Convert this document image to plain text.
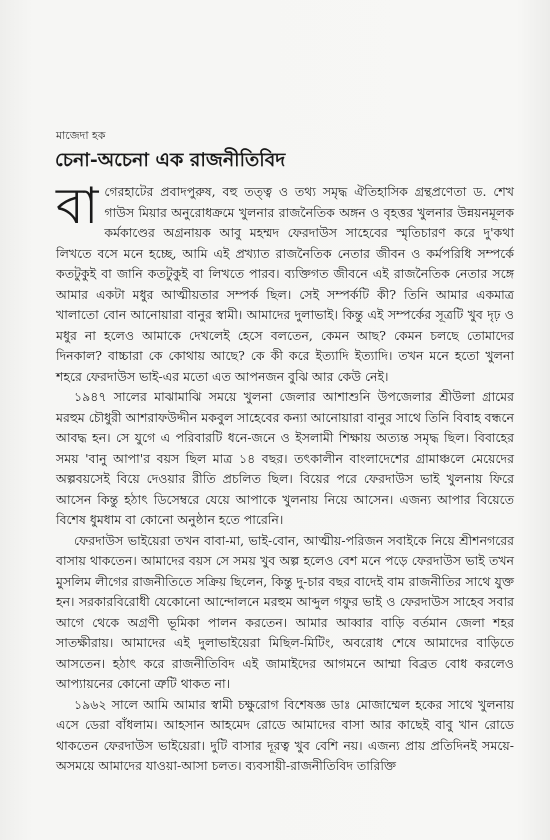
মাজেদা হক
চেনা-অচেনা এক রাজনীতিবিদ

বাগেরহাটের প্রবাদপুরুষ, বহু তত্ত্ব ও তথ্য সমৃদ্ধ ঐতিহাসিক গ্রন্থপ্রণেতা ড. শেখ গাউস মিয়ার অনুরোধক্রমে খুলনার রাজনৈতিক অঙ্গন ও বৃহত্তর খুলনার উন্নয়নমূলক কর্মকাণ্ডের অগ্রনায়ক আবু মহম্মদ ফেরদাউস সাহেবের স্মৃতিচারণ করে দু'কথা লিখতে বসে মনে হচ্ছে, আমি এই প্রখ্যাত রাজনৈতিক নেতার জীবন ও কর্মপরিধি সম্পর্কে কতটুকুই বা জানি কতটুকুই বা লিখতে পারব। ব্যক্তিগত জীবনে এই রাজনৈতিক নেতার সঙ্গে আমার একটা মধুর আত্মীয়তার সম্পর্ক ছিল। সেই সম্পর্কটি কী? তিনি আমার একমাত্র খালাতো বোন আনোয়ারা বানুর স্বামী। আমাদের দুলাভাই। কিন্তু এই সম্পর্কের সূত্রটি খুব দৃঢ় ও মধুর না হলেও আমাকে দেখলেই হেসে বলতেন, কেমন আছ? কেমন চলছে তোমাদের দিনকাল? বাচ্চারা কে কোথায় আছে? কে কী করে ইত্যাদি ইত্যাদি। তখন মনে হতো খুলনা শহরে ফেরদাউস ভাই-এর মতো এত আপনজন বুঝি আর কেউ নেই।

১৯৪৭ সালের মাঝামাঝি সময়ে খুলনা জেলার আশাশুনি উপজেলার শ্রীউলা গ্রামের মরহুম চৌধুরী আশরাফউদ্দীন মকবুল সাহেবের কন্যা আনোয়ারা বানুর সাথে তিনি বিবাহ বন্ধনে আবদ্ধ হন। সে যুগে এ পরিবারটি ধনে-জনে ও ইসলামী শিক্ষায় অত্যন্ত সমৃদ্ধ ছিল। বিবাহের সময় 'বানু আপা'র বয়স ছিল মাত্র ১৪ বছর। তৎকালীন বাংলাদেশের গ্রামাঞ্চলে মেয়েদের অল্পবয়সেই বিয়ে দেওয়ার রীতি প্রচলিত ছিল। বিয়ের পরে ফেরদাউস ভাই খুলনায় ফিরে আসেন কিন্তু হঠাৎ ডিসেম্বরে যেয়ে আপাকে খুলনায় নিয়ে আসেন। এজন্য আপার বিয়েতে বিশেষ ধুমধাম বা কোনো অনুষ্ঠান হতে পারেনি।

ফেরদাউস ভাইয়েরা তখন বাবা-মা, ভাই-বোন, আত্মীয়-পরিজন সবাইকে নিয়ে শ্রীশনগরের বাসায় থাকতেন। আমাদের বয়স সে সময় খুব অল্প হলেও বেশ মনে পড়ে ফেরদাউস ভাই তখন মুসলিম লীগের রাজনীতিতে সক্রিয় ছিলেন, কিন্তু দু-চার বছর বাদেই বাম রাজনীতির সাথে যুক্ত হন। সরকারবিরোধী যেকোনো আন্দোলনে মরহুম আব্দুল গফুর ভাই ও ফেরদাউস সাহেব সবার আগে থেকে অগ্রণী ভূমিকা পালন করতেন। আমার আব্বার বাড়ি বর্তমান জেলা শহর সাতক্ষীরায়। আমাদের এই দুলাভাইয়েরা মিছিল-মিটিং, অবরোধ শেষে আমাদের বাড়িতে আসতেন। হঠাৎ করে রাজনীতিবিদ এই জামাইদের আগমনে আম্মা বিব্রত বোধ করলেও আপ্যায়নের কোনো ত্রুটি থাকত না।

১৯৬২ সালে আমি আমার স্বামী চক্ষুরোগ বিশেষজ্ঞ ডাঃ মোজাম্মেল হকের সাথে খুলনায় এসে ডেরা বাঁধলাম। আহসান আহমেদ রোডে আমাদের বাসা আর কাছেই বাবু খান রোডে থাকতেন ফেরদাউস ভাইয়েরা। দুটি বাসার দূরত্ব খুব বেশি নয়। এজন্য প্রায় প্রতিদিনই সময়ে-অসময়ে আমাদের যাওয়া-আসা চলত। ব্যবসায়ী-রাজনীতিবিদ তারিক্তি
